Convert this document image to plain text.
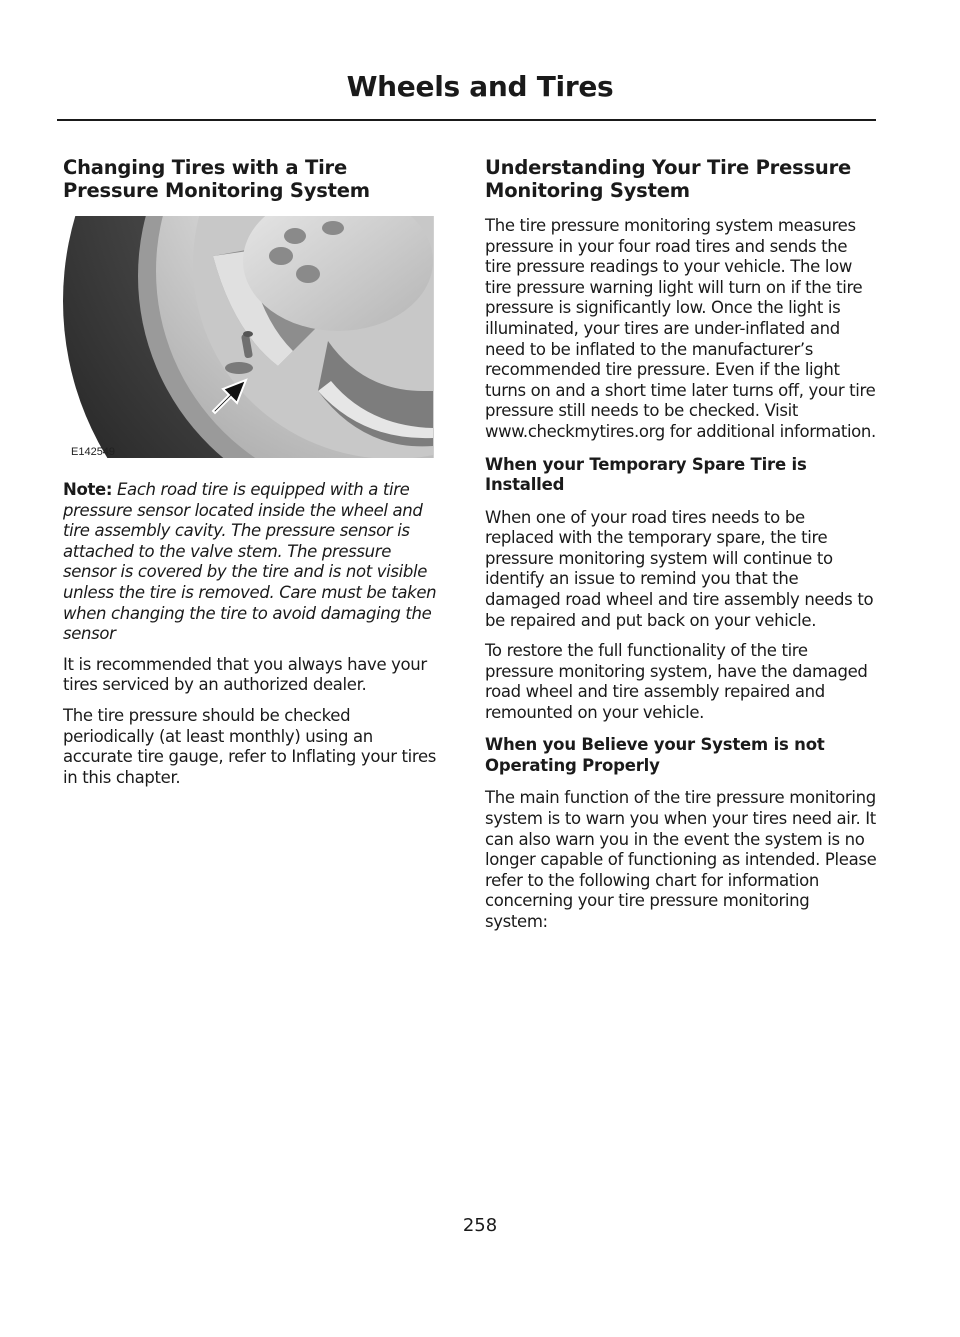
Wheels and Tires
Changing Tires with a Tire Pressure Monitoring System
E142549

Note: Each road tire is equipped with a tire pressure sensor located inside the wheel and tire assembly cavity. The pressure sensor is attached to the valve stem. The pressure sensor is covered by the tire and is not visible unless the tire is removed. Care must be taken when changing the tire to avoid damaging the sensor

It is recommended that you always have your tires serviced by an authorized dealer.

The tire pressure should be checked periodically (at least monthly) using an accurate tire gauge, refer to Inflating your tires in this chapter.

Understanding Your Tire Pressure Monitoring System

The tire pressure monitoring system measures pressure in your four road tires and sends the tire pressure readings to your vehicle. The low tire pressure warning light will turn on if the tire pressure is significantly low. Once the light is illuminated, your tires are under-inflated and need to be inflated to the manufacturer’s recommended tire pressure. Even if the light turns on and a short time later turns off, your tire pressure still needs to be checked. Visit www.checkmytires.org for additional information.

When your Temporary Spare Tire is Installed

When one of your road tires needs to be replaced with the temporary spare, the tire pressure monitoring system will continue to identify an issue to remind you that the damaged road wheel and tire assembly needs to be repaired and put back on your vehicle.

To restore the full functionality of the tire pressure monitoring system, have the damaged road wheel and tire assembly repaired and remounted on your vehicle.

When you Believe your System is not Operating Properly

The main function of the tire pressure monitoring system is to warn you when your tires need air. It can also warn you in the event the system is no longer capable of functioning as intended. Please refer to the following chart for information concerning your tire pressure monitoring system:

258
